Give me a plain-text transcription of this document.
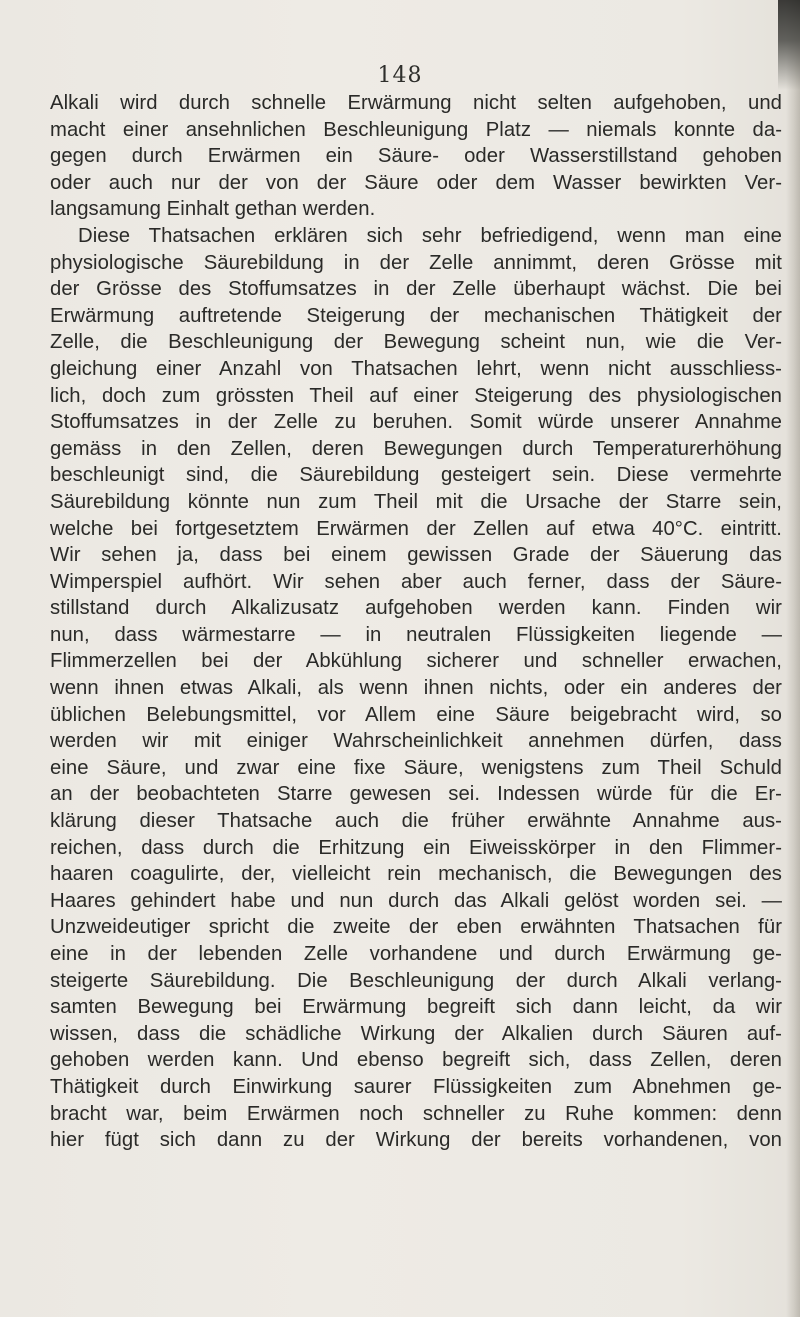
148
Alkali wird durch schnelle Erwärmung nicht selten aufgehoben, und
macht einer ansehnlichen Beschleunigung Platz — niemals konnte da-
gegen durch Erwärmen ein Säure- oder Wasserstillstand gehoben
oder auch nur der von der Säure oder dem Wasser bewirkten Ver-
langsamung Einhalt gethan werden.
Diese Thatsachen erklären sich sehr befriedigend, wenn man eine
physiologische Säurebildung in der Zelle annimmt, deren Grösse mit
der Grösse des Stoffumsatzes in der Zelle überhaupt wächst. Die bei
Erwärmung auftretende Steigerung der mechanischen Thätigkeit der
Zelle, die Beschleunigung der Bewegung scheint nun, wie die Ver-
gleichung einer Anzahl von Thatsachen lehrt, wenn nicht ausschliess-
lich, doch zum grössten Theil auf einer Steigerung des physiologischen
Stoffumsatzes in der Zelle zu beruhen. Somit würde unserer Annahme
gemäss in den Zellen, deren Bewegungen durch Temperaturerhöhung
beschleunigt sind, die Säurebildung gesteigert sein. Diese vermehrte
Säurebildung könnte nun zum Theil mit die Ursache der Starre sein,
welche bei fortgesetztem Erwärmen der Zellen auf etwa 40°C. eintritt.
Wir sehen ja, dass bei einem gewissen Grade der Säuerung das
Wimperspiel aufhört. Wir sehen aber auch ferner, dass der Säure-
stillstand durch Alkalizusatz aufgehoben werden kann. Finden wir
nun, dass wärmestarre — in neutralen Flüssigkeiten liegende —
Flimmerzellen bei der Abkühlung sicherer und schneller erwachen,
wenn ihnen etwas Alkali, als wenn ihnen nichts, oder ein anderes der
üblichen Belebungsmittel, vor Allem eine Säure beigebracht wird, so
werden wir mit einiger Wahrscheinlichkeit annehmen dürfen, dass
eine Säure, und zwar eine fixe Säure, wenigstens zum Theil Schuld
an der beobachteten Starre gewesen sei. Indessen würde für die Er-
klärung dieser Thatsache auch die früher erwähnte Annahme aus-
reichen, dass durch die Erhitzung ein Eiweisskörper in den Flimmer-
haaren coagulirte, der, vielleicht rein mechanisch, die Bewegungen des
Haares gehindert habe und nun durch das Alkali gelöst worden sei. —
Unzweideutiger spricht die zweite der eben erwähnten Thatsachen für
eine in der lebenden Zelle vorhandene und durch Erwärmung ge-
steigerte Säurebildung. Die Beschleunigung der durch Alkali verlang-
samten Bewegung bei Erwärmung begreift sich dann leicht, da wir
wissen, dass die schädliche Wirkung der Alkalien durch Säuren auf-
gehoben werden kann. Und ebenso begreift sich, dass Zellen, deren
Thätigkeit durch Einwirkung saurer Flüssigkeiten zum Abnehmen ge-
bracht war, beim Erwärmen noch schneller zu Ruhe kommen: denn
hier fügt sich dann zu der Wirkung der bereits vorhandenen, von
